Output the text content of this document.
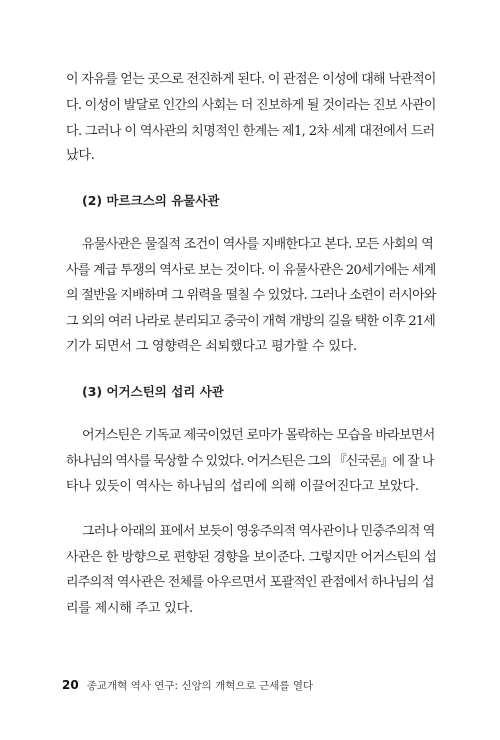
이 자유를 얻는 곳으로 전진하게 된다. 이 관점은 이성에 대해 낙관적이
다. 이성이 발달로 인간의 사회는 더 진보하게 될 것이라는 진보 사관이
다. 그러나 이 역사관의 치명적인 한계는 제1, 2차 세계 대전에서 드러
났다.
(2) 마르크스의 유물사관
유물사관은 물질적 조건이 역사를 지배한다고 본다. 모든 사회의 역
사를 계급 투쟁의 역사로 보는 것이다. 이 유물사관은 20세기에는 세계
의 절반을 지배하며 그 위력을 떨칠 수 있었다. 그러나 소련이 러시아와
그 외의 여러 나라로 분리되고 중국이 개혁 개방의 길을 택한 이후 21세
기가 되면서 그 영향력은 쇠퇴했다고 평가할 수 있다.
(3) 어거스틴의 섭리 사관
어거스틴은 기독교 제국이었던 로마가 몰락하는 모습을 바라보면서
하나님의 역사를 묵상할 수 있었다. 어거스틴은 그의 『신국론』에 잘 나
타나 있듯이 역사는 하나님의 섭리에 의해 이끌어진다고 보았다.
그러나 아래의 표에서 보듯이 영웅주의적 역사관이나 민중주의적 역
사관은 한 방향으로 편향된 경향을 보이준다. 그렇지만 어거스틴의 섭
리주의적 역사관은 전체를 아우르면서 포괄적인 관점에서 하나님의 섭
리를 제시해 주고 있다.
20 종교개혁 역사 연구: 신앙의 개혁으로 근세를 열다
